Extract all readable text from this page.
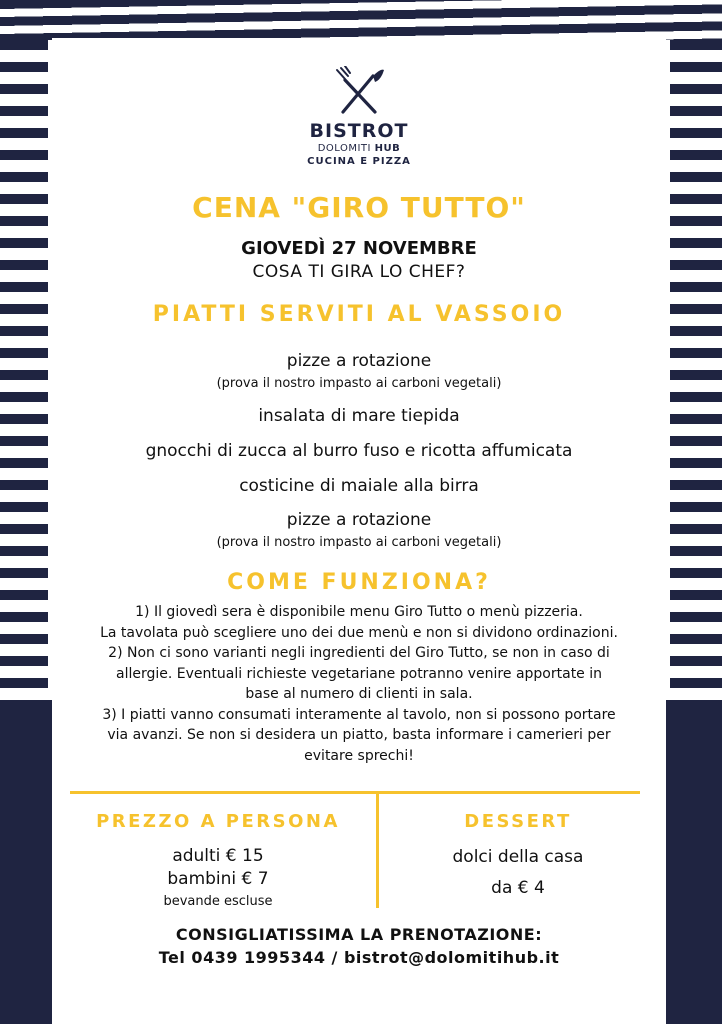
BISTROT
DOLOMITI HUB
CUCINA E PIZZA
CENA "GIRO TUTTO"
GIOVEDÌ 27 NOVEMBRE
COSA TI GIRA LO CHEF?
PIATTI SERVITI AL VASSOIO
pizze a rotazione
(prova il nostro impasto ai carboni vegetali)
insalata di mare tiepida
gnocchi di zucca al burro fuso e ricotta affumicata
costicine di maiale alla birra
pizze a rotazione
(prova il nostro impasto ai carboni vegetali)
COME FUNZIONA?

1) Il giovedì sera è disponibile menu Giro Tutto o menù pizzeria.

La tavolata può scegliere uno dei due menù e non si dividono ordinazioni.

2) Non ci sono varianti negli ingredienti del Giro Tutto, se non in caso di

allergie. Eventuali richieste vegetariane potranno venire apportate in

base al numero di clienti in sala.

3) I piatti vanno consumati interamente al tavolo, non si possono portare

via avanzi. Se non si desidera un piatto, basta informare i camerieri per

evitare sprechi!

PREZZO A PERSONA
adulti € 15
bambini € 7
bevande escluse
DESSERT
dolci della casa
da € 4
CONSIGLIATISSIMA LA PRENOTAZIONE:
Tel 0439 1995344 / bistrot@dolomitihub.it
